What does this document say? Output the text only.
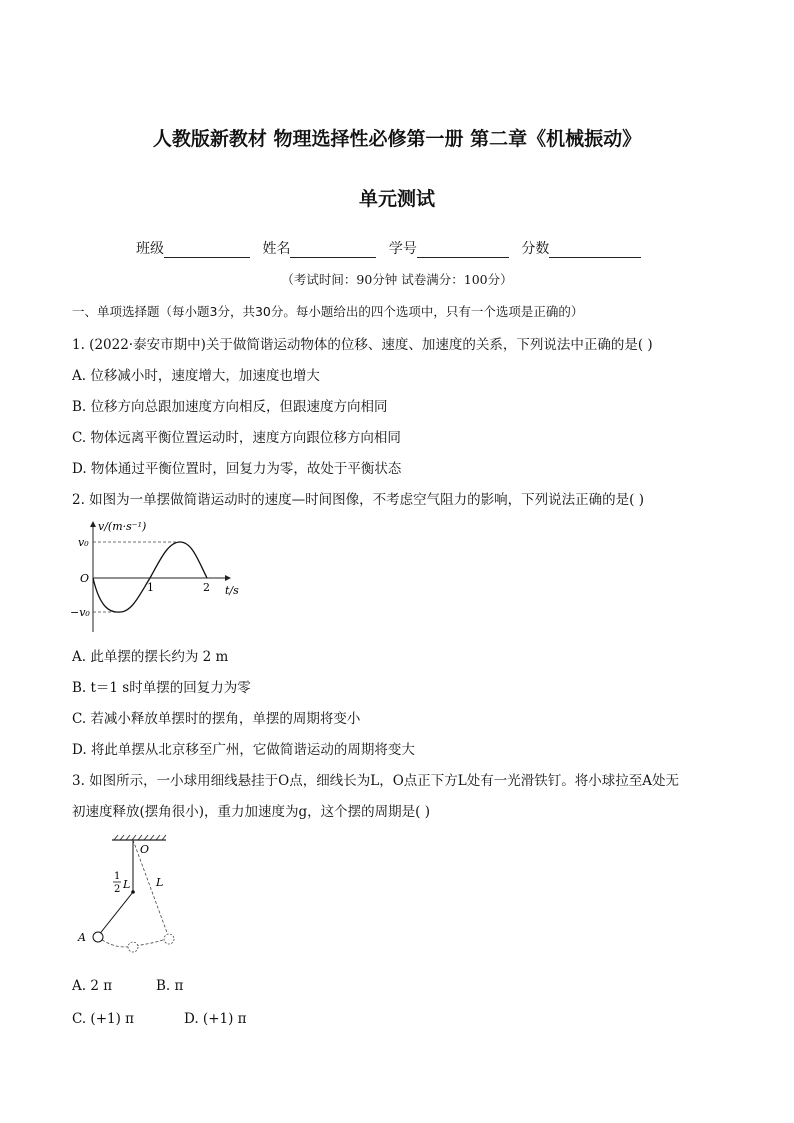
人教版新教材 物理选择性必修第一册 第二章《机械振动》
单元测试
班级	姓名	学号	分数
（考试时间：90分钟 试卷满分：100分）
一、单项选择题（每小题3分，共30分。每小题给出的四个选项中，只有一个选项是正确的）
1. (2022·泰安市期中)关于做简谐运动物体的位移、速度、加速度的关系，下列说法中正确的是( )
A. 位移减小时，速度增大，加速度也增大
B. 位移方向总跟加速度方向相反，但跟速度方向相同
C. 物体远离平衡位置运动时，速度方向跟位移方向相同
D. 物体通过平衡位置时，回复力为零，故处于平衡状态
2. 如图为一单摆做简谐运动时的速度—时间图像，不考虑空气阻力的影响，下列说法正确的是( )
v/(m·s⁻¹)
v₀
O
−v₀
1	2 t/s
A. 此单摆的摆长约为 2 m
B. t＝1 s时单摆的回复力为零
C. 若减小释放单摆时的摆角，单摆的周期将变小
D. 将此单摆从北京移至广州，它做简谐运动的周期将变大
3. 如图所示，一小球用细线悬挂于O点，细线长为L，O点正下方L处有一光滑铁钉。将小球拉至A处无
初速度释放(摆角很小)，重力加速度为g，这个摆的周期是( )
O
1
2 L L
A
A. 2 π	B. π
C. (+1) π	D. (+1) π
